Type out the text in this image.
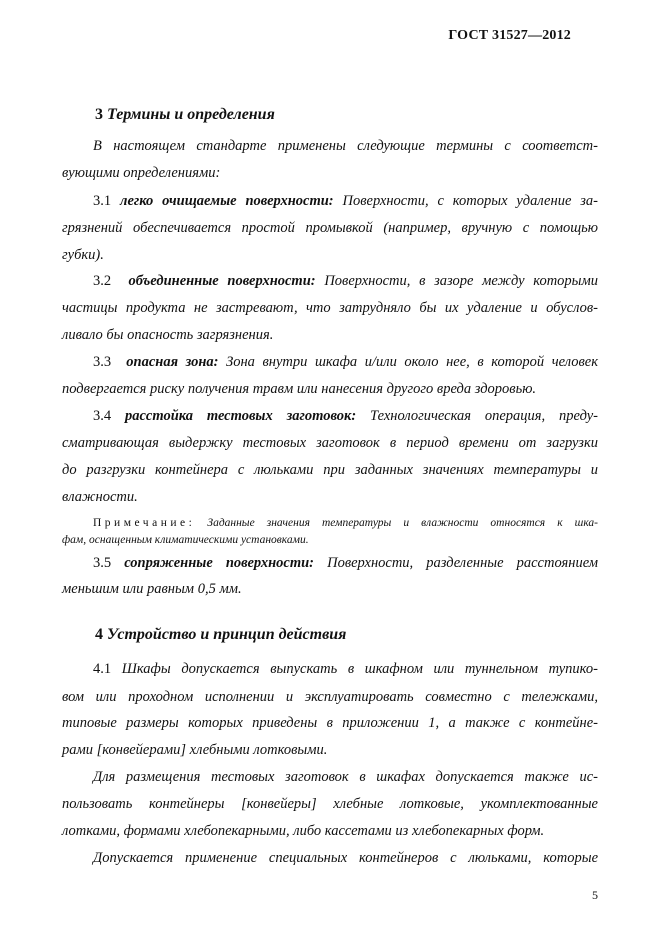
ГОСТ 31527—2012
3 Термины и определения

В настоящем стандарте применены следующие термины с соответст-

вующими определениями:

3.1 легко очищаемые поверхности: Поверхности, с которых удаление за-

грязнений обеспечивается простой промывкой (например, вручную с помощью

губки).

3.2 объединенные поверхности: Поверхности, в зазоре между которыми

частицы продукта не застревают, что затрудняло бы их удаление и обуслов-

ливало бы опасность загрязнения.

3.3 опасная зона: Зона внутри шкафа и/или около нее, в которой человек

подвергается риску получения травм или нанесения другого вреда здоровью.

3.4 расстойка тестовых заготовок: Технологическая операция, преду-

сматривающая выдержку тестовых заготовок в период времени от загрузки

до разгрузки контейнера с люльками при заданных значениях температуры и

влажности.

Примечание: Заданные значения температуры и влажности относятся к шка-

фам, оснащенным климатическими установками.

3.5 сопряженные поверхности: Поверхности, разделенные расстоянием

меньшим или равным 0,5 мм.

4 Устройство и принцип действия

4.1 Шкафы допускается выпускать в шкафном или туннельном тупико-

вом или проходном исполнении и эксплуатировать совместно с тележками,

типовые размеры которых приведены в приложении 1, а также с контейне-

рами [конвейерами] хлебными лотковыми.

Для размещения тестовых заготовок в шкафах допускается также ис-

пользовать контейнеры [конвейеры] хлебные лотковые, укомплектованные

лотками, формами хлебопекарными, либо кассетами из хлебопекарных форм.

Допускается применение специальных контейнеров с люльками, которые

5
